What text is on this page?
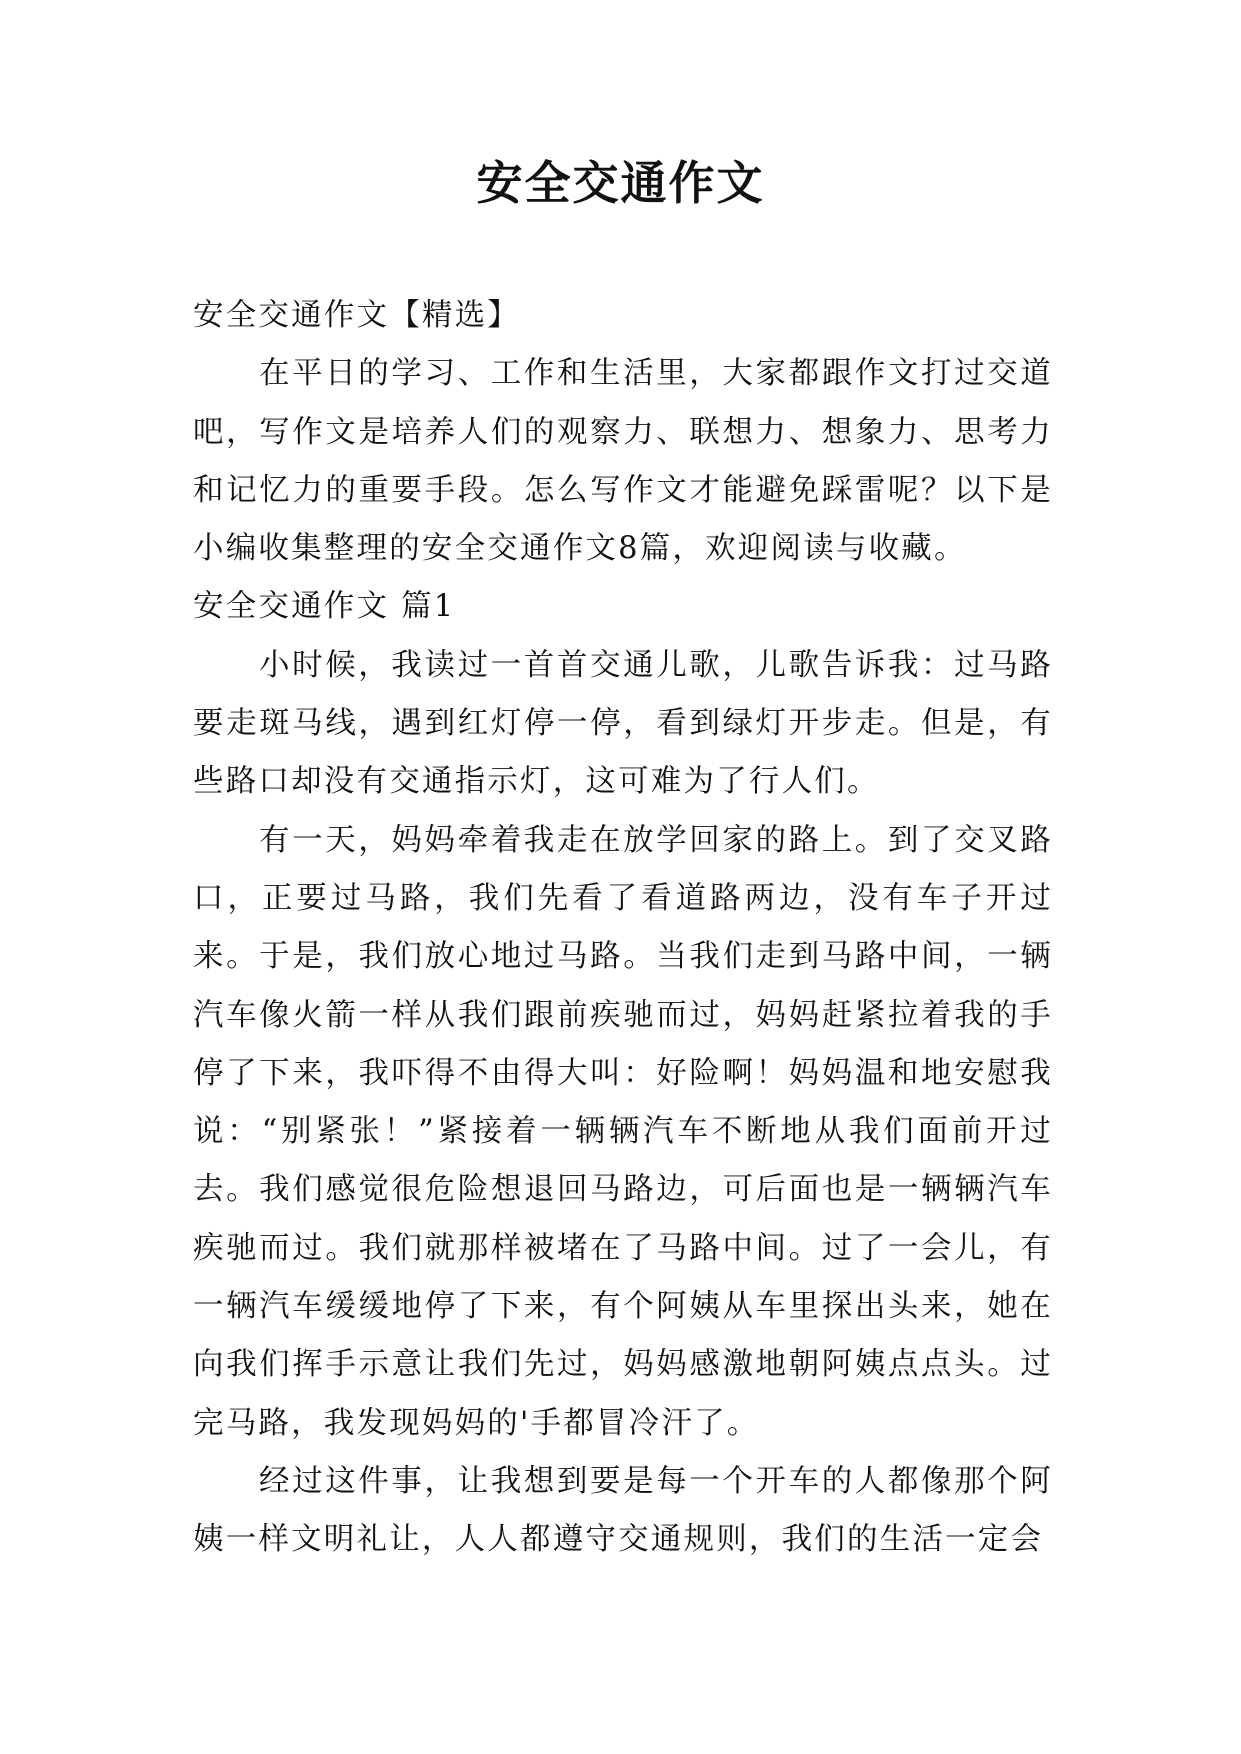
安全交通作文

安全交通作文【精选】

在平日的学习、工作和生活里，大家都跟作文打过交道吧，写作文是培养人们的观察力、联想力、想象力、思考力和记忆力的重要手段。怎么写作文才能避免踩雷呢？以下是小编收集整理的安全交通作文8篇，欢迎阅读与收藏。

安全交通作文 篇1

小时候，我读过一首首交通儿歌，儿歌告诉我：过马路要走斑马线，遇到红灯停一停，看到绿灯开步走。但是，有些路口却没有交通指示灯，这可难为了行人们。

有一天，妈妈牵着我走在放学回家的路上。到了交叉路口，正要过马路，我们先看了看道路两边，没有车子开过来。于是，我们放心地过马路。当我们走到马路中间，一辆汽车像火箭一样从我们跟前疾驰而过，妈妈赶紧拉着我的手停了下来，我吓得不由得大叫：好险啊！妈妈温和地安慰我说：“别紧张！”紧接着一辆辆汽车不断地从我们面前开过去。我们感觉很危险想退回马路边，可后面也是一辆辆汽车疾驰而过。我们就那样被堵在了马路中间。过了一会儿，有一辆汽车缓缓地停了下来，有个阿姨从车里探出头来，她在向我们挥手示意让我们先过，妈妈感激地朝阿姨点点头。过完马路，我发现妈妈的'手都冒冷汗了。

经过这件事，让我想到要是每一个开车的人都像那个阿姨一样文明礼让，人人都遵守交通规则，我们的生活一定会
